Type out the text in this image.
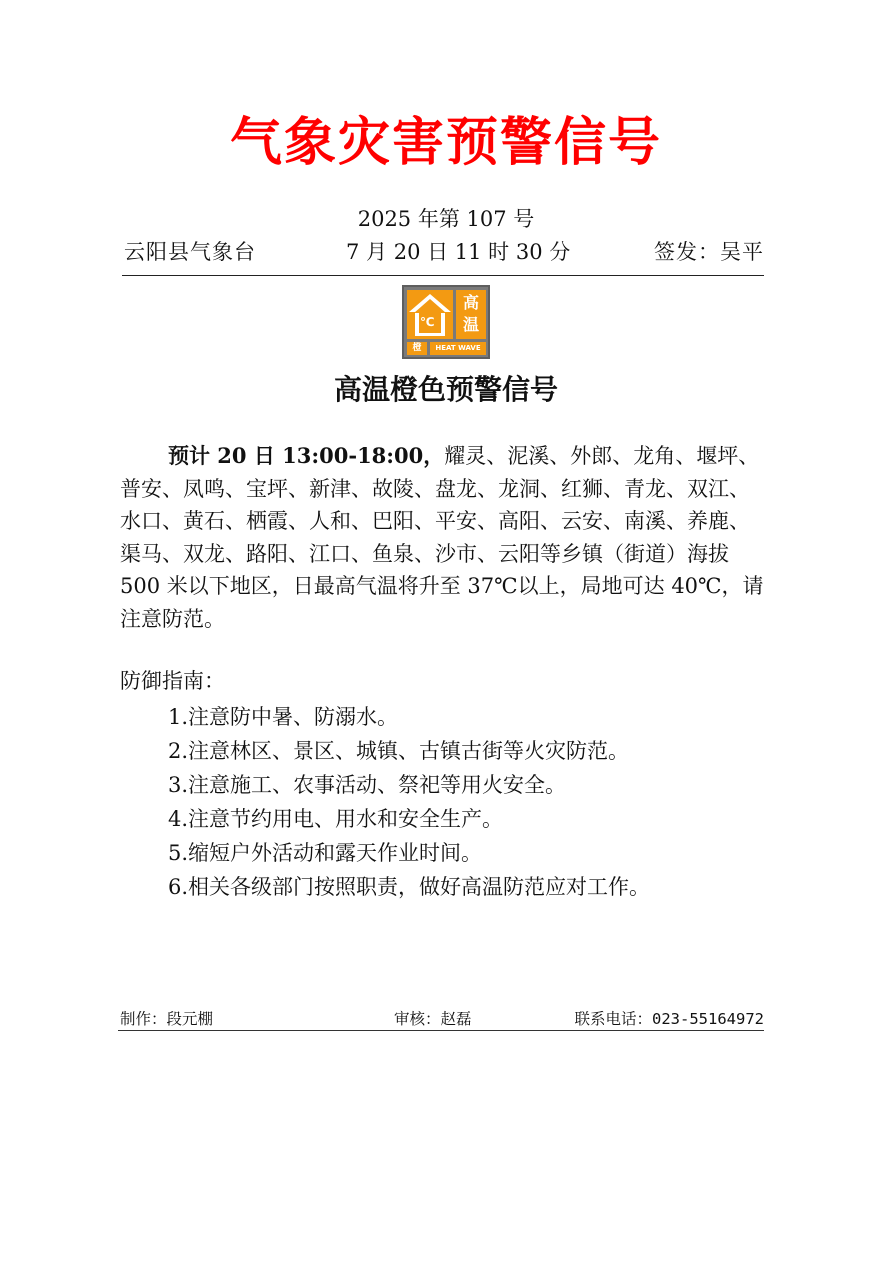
气象灾害预警信号
2025 年第 107 号
云阳县气象台	7 月 20 日 11 时 30 分	签发：吴平
℃
高
温
橙	HEAT WAVE
高温橙色预警信号

预计 20 日 13:00-18:00，耀灵、泥溪、外郎、龙角、堰坪、普安、凤鸣、宝坪、新津、故陵、盘龙、龙洞、红狮、青龙、双江、水口、黄石、栖霞、人和、巴阳、平安、高阳、云安、南溪、养鹿、渠马、双龙、路阳、江口、鱼泉、沙市、云阳等乡镇（街道）海拔 500 米以下地区，日最高气温将升至 37℃以上，局地可达 40℃，请注意防范。

防御指南：
1.注意防中暑、防溺水。
2.注意林区、景区、城镇、古镇古街等火灾防范。
3.注意施工、农事活动、祭祀等用火安全。
4.注意节约用电、用水和安全生产。
5.缩短户外活动和露天作业时间。
6.相关各级部门按照职责，做好高温防范应对工作。
制作：段元棚	审核：赵磊	联系电话：023-55164972
